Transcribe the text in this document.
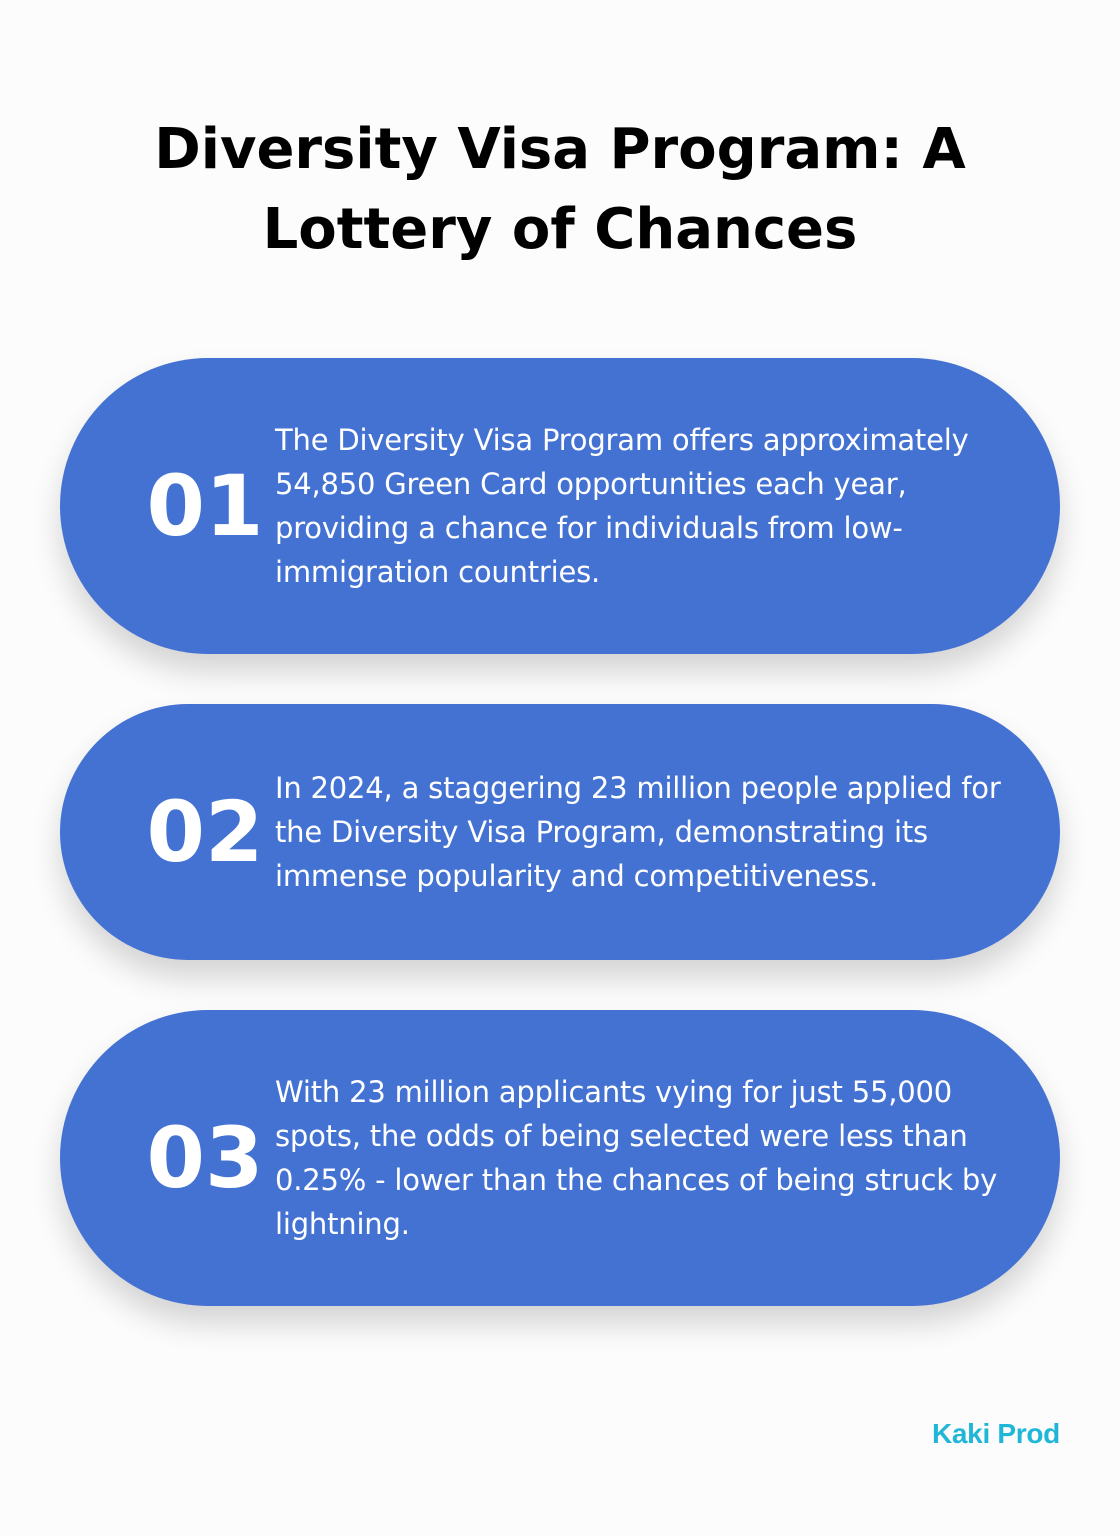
Diversity Visa Program: A
Lottery of Chances
01
The Diversity Visa Program offers approximately 54,850 Green Card opportunities each year, providing a chance for individuals from low-immigration countries.
02 In 2024, a staggering 23 million people applied for the Diversity Visa Program, demonstrating its immense popularity and competitiveness.
03
With 23 million applicants vying for just 55,000 spots, the odds of being selected were less than 0.25% - lower than the chances of being struck by lightning.
Kaki Prod
